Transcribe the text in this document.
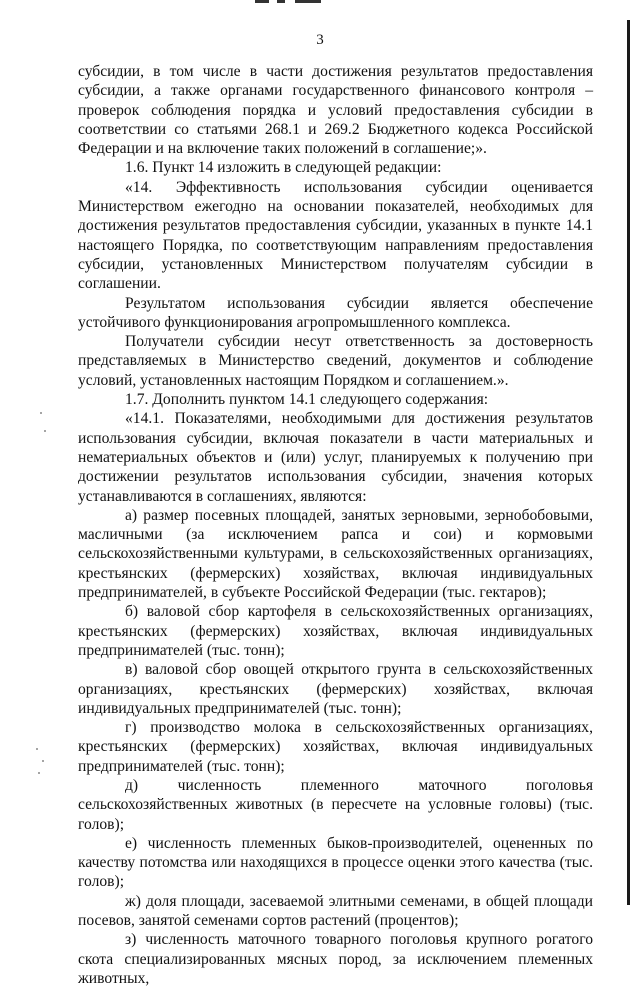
3

субсидии, в том числе в части достижения результатов предоставления субсидии, а также органами государственного финансового контроля – проверок соблюдения порядка и условий предоставления субсидии в соответствии со статьями 268.1 и 269.2 Бюджетного кодекса Российской Федерации и на включение таких положений в соглашение;».

1.6. Пункт 14 изложить в следующей редакции:

«14. Эффективность использования субсидии оценивается Министерством ежегодно на основании показателей, необходимых для достижения результатов предоставления субсидии, указанных в пункте 14.1 настоящего Порядка, по соответствующим направлениям предоставления субсидии, установленных Министерством получателям субсидии в соглашении.

Результатом использования субсидии является обеспечение устойчивого функционирования агропромышленного комплекса.

Получатели субсидии несут ответственность за достоверность представляемых в Министерство сведений, документов и соблюдение условий, установленных настоящим Порядком и соглашением.».

1.7. Дополнить пунктом 14.1 следующего содержания:

«14.1. Показателями, необходимыми для достижения результатов использования субсидии, включая показатели в части материальных и нематериальных объектов и (или) услуг, планируемых к получению при достижении результатов использования субсидии, значения которых устанавливаются в соглашениях, являются:

а) размер посевных площадей, занятых зерновыми, зернобобовыми, масличными (за исключением рапса и сои) и кормовыми сельскохозяйственными культурами, в сельскохозяйственных организациях, крестьянских (фермерских) хозяйствах, включая индивидуальных предпринимателей, в субъекте Российской Федерации (тыс. гектаров);

б) валовой сбор картофеля в сельскохозяйственных организациях, крестьянских (фермерских) хозяйствах, включая индивидуальных предпринимателей (тыс. тонн);

в) валовой сбор овощей открытого грунта в сельскохозяйственных организациях, крестьянских (фермерских) хозяйствах, включая индивидуальных предпринимателей (тыс. тонн);

г) производство молока в сельскохозяйственных организациях, крестьянских (фермерских) хозяйствах, включая индивидуальных предпринимателей (тыс. тонн);

д) численность племенного маточного поголовья сельскохозяйственных животных (в пересчете на условные головы) (тыс. голов);

е) численность племенных быков-производителей, оцененных по качеству потомства или находящихся в процессе оценки этого качества (тыс. голов);

ж) доля площади, засеваемой элитными семенами, в общей площади посевов, занятой семенами сортов растений (процентов);

з) численность маточного товарного поголовья крупного рогатого скота специализированных мясных пород, за исключением племенных животных,
